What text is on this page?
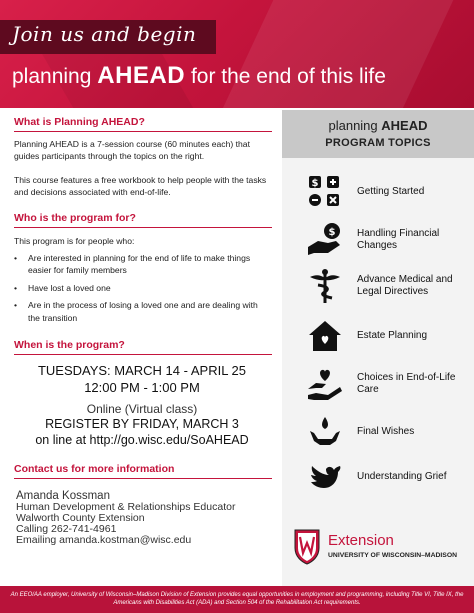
Join us and begin
planning AHEAD for the end of this life
What is Planning AHEAD?
Planning AHEAD is a 7-session course (60 minutes each) that guides participants through the topics on the right.
This course features a free workbook to help people with the tasks and decisions associated with end-of-life.
Who is the program for?
This program is for people who:
• Are interested in planning for the end of life to make things easier for family members
• Have lost a loved one
• Are in the process of losing a loved one and are dealing with the transition
When is the program?
TUESDAYS: MARCH 14 - APRIL 25
12:00 PM - 1:00 PM
Online (Virtual class)
REGISTER BY FRIDAY, MARCH 3
on line at http://go.wisc.edu/SoAHEAD
Contact us for more information
Amanda Kossman
Human Development & Relationships Educator
Walworth County Extension
Calling 262-741-4961
Emailing amanda.kostman@wisc.edu
planning AHEAD
PROGRAM TOPICS
$
Getting Started
$ Handling Financial Changes
Advance Medical and Legal Directives
Estate Planning
Choices in End-of-Life Care
Final Wishes
Understanding Grief
Extension
UNIVERSITY OF WISCONSIN–MADISON
An EEO/AA employer, University of Wisconsin–Madison Division of Extension provides equal opportunities in employment and programming, including Title VI, Title IX, the Americans with Disabilities Act (ADA) and Section 504 of the Rehabilitation Act requirements.
